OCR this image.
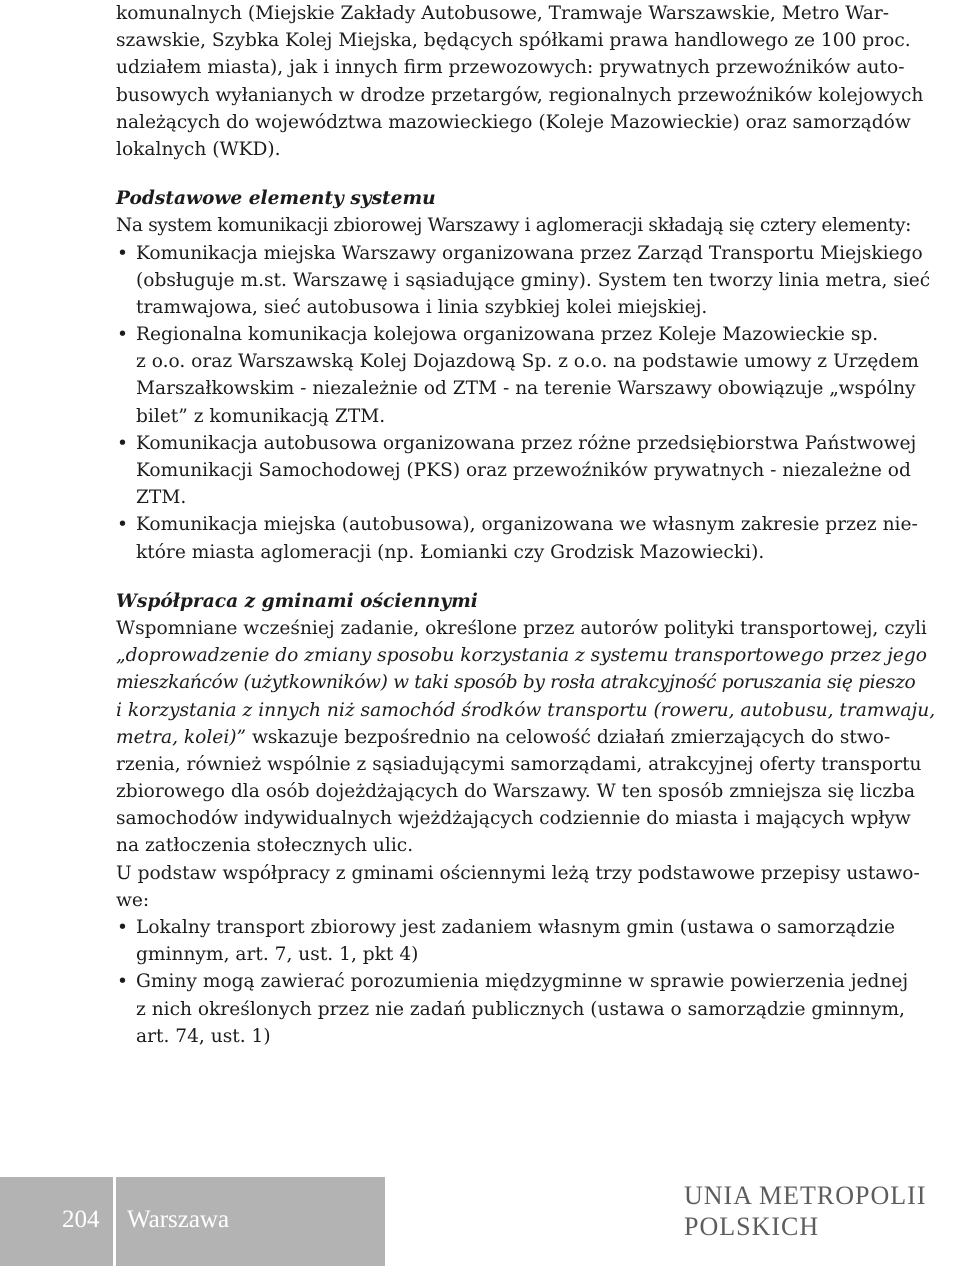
komunalnych (Miejskie Zakłady Autobusowe, Tramwaje Warszawskie, Metro War-
szawskie, Szybka Kolej Miejska, będących spółkami prawa handlowego ze 100 proc.
udziałem miasta), jak i innych firm przewozowych: prywatnych przewoźników auto-
busowych wyłanianych w drodze przetargów, regionalnych przewoźników kolejowych
należących do województwa mazowieckiego (Koleje Mazowieckie) oraz samorządów
lokalnych (WKD).
Podstawowe elementy systemu
Na system komunikacji zbiorowej Warszawy i aglomeracji składają się cztery elementy:
• Komunikacja miejska Warszawy organizowana przez Zarząd Transportu Miejskiego
(obsługuje m.st. Warszawę i sąsiadujące gminy). System ten tworzy linia metra, sieć
tramwajowa, sieć autobusowa i linia szybkiej kolei miejskiej.
• Regionalna komunikacja kolejowa organizowana przez Koleje Mazowieckie sp.
z o.o. oraz Warszawską Kolej Dojazdową Sp. z o.o. na podstawie umowy z Urzędem
Marszałkowskim - niezależnie od ZTM - na terenie Warszawy obowiązuje „wspólny
bilet” z komunikacją ZTM.
• Komunikacja autobusowa organizowana przez różne przedsiębiorstwa Państwowej
Komunikacji Samochodowej (PKS) oraz przewoźników prywatnych - niezależne od
ZTM.
• Komunikacja miejska (autobusowa), organizowana we własnym zakresie przez nie-
które miasta aglomeracji (np. Łomianki czy Grodzisk Mazowiecki).
Współpraca z gminami ościennymi
Wspomniane wcześniej zadanie, określone przez autorów polityki transportowej, czyli
„doprowadzenie do zmiany sposobu korzystania z systemu transportowego przez jego
mieszkańców (użytkowników) w taki sposób by rosła atrakcyjność poruszania się pieszo
i korzystania z innych niż samochód środków transportu (roweru, autobusu, tramwaju,
metra, kolei)” wskazuje bezpośrednio na celowość działań zmierzających do stwo-
rzenia, również wspólnie z sąsiadującymi samorządami, atrakcyjnej oferty transportu
zbiorowego dla osób dojeżdżających do Warszawy. W ten sposób zmniejsza się liczba
samochodów indywidualnych wjeżdżających codziennie do miasta i mających wpływ
na zatłoczenia stołecznych ulic.
U podstaw współpracy z gminami ościennymi leżą trzy podstawowe przepisy ustawo-
we:
• Lokalny transport zbiorowy jest zadaniem własnym gmin (ustawa o samorządzie
gminnym, art. 7, ust. 1, pkt 4)
• Gminy mogą zawierać porozumienia międzygminne w sprawie powierzenia jednej
z nich określonych przez nie zadań publicznych (ustawa o samorządzie gminnym,
art. 74, ust. 1)
204 Warszawa
UNIA METROPOLII
POLSKICH
